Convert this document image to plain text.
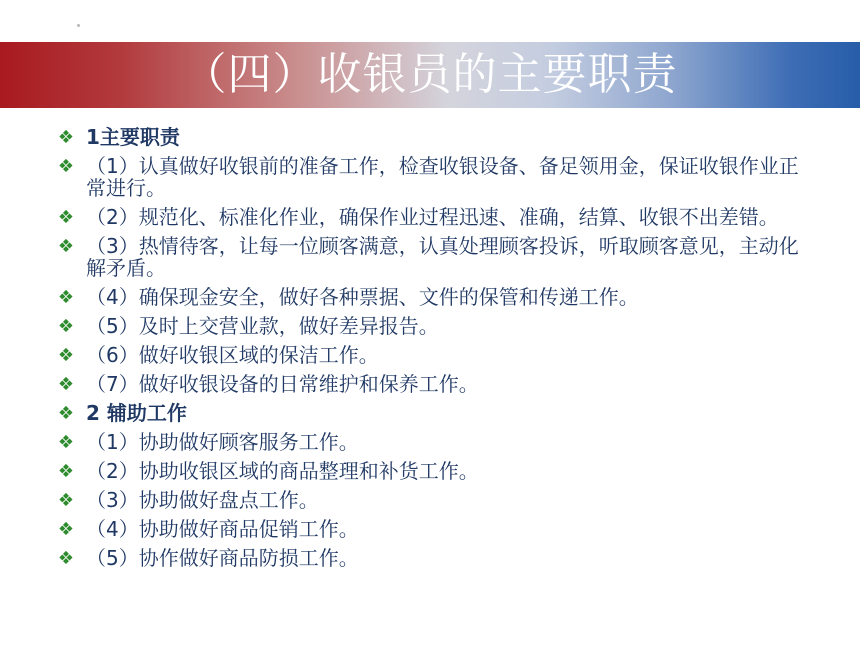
（四）收银员的主要职责
❖ 1主要职责
❖ （1）认真做好收银前的准备工作，检查收银设备、备足领用金，保证收银作业正常进行。
❖ （2）规范化、标准化作业，确保作业过程迅速、准确，结算、收银不出差错。
❖ （3）热情待客，让每一位顾客满意，认真处理顾客投诉，听取顾客意见，主动化解矛盾。
❖ （4）确保现金安全，做好各种票据、文件的保管和传递工作。
❖ （5）及时上交营业款，做好差异报告。
❖ （6）做好收银区域的保洁工作。
❖ （7）做好收银设备的日常维护和保养工作。
❖ 2 辅助工作
❖ （1）协助做好顾客服务工作。
❖ （2）协助收银区域的商品整理和补货工作。
❖ （3）协助做好盘点工作。
❖ （4）协助做好商品促销工作。
❖ （5）协作做好商品防损工作。
